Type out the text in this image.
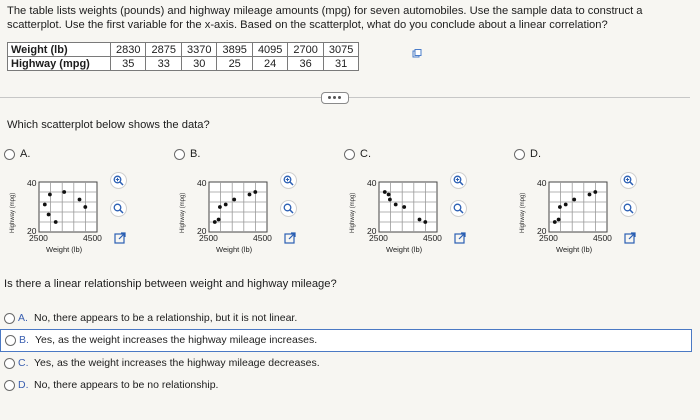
The table lists weights (pounds) and highway mileage amounts (mpg) for seven automobiles. Use the sample data to construct a scatterplot. Use the first variable for the x-axis. Based on the scatterplot, what do you conclude about a linear correlation?
Weight (lb)	2830	2875	3370	3895	4095	2700	3075
Highway (mpg)	35	33	30	25	24	36	31
Which scatterplot below shows the data?
A.
Highway (mpg)
40
20
2500	4500
Weight (lb)
B.
Highway (mpg)
40
20
2500	4500
Weight (lb)
C.
Highway (mpg)
40
20
2500	4500
Weight (lb)
D.
Highway (mpg)
40
20
2500	4500
Weight (lb)
Is there a linear relationship between weight and highway mileage?
A. No, there appears to be a relationship, but it is not linear.
B. Yes, as the weight increases the highway mileage increases.
C. Yes, as the weight increases the highway mileage decreases.
D. No, there appears to be no relationship.
